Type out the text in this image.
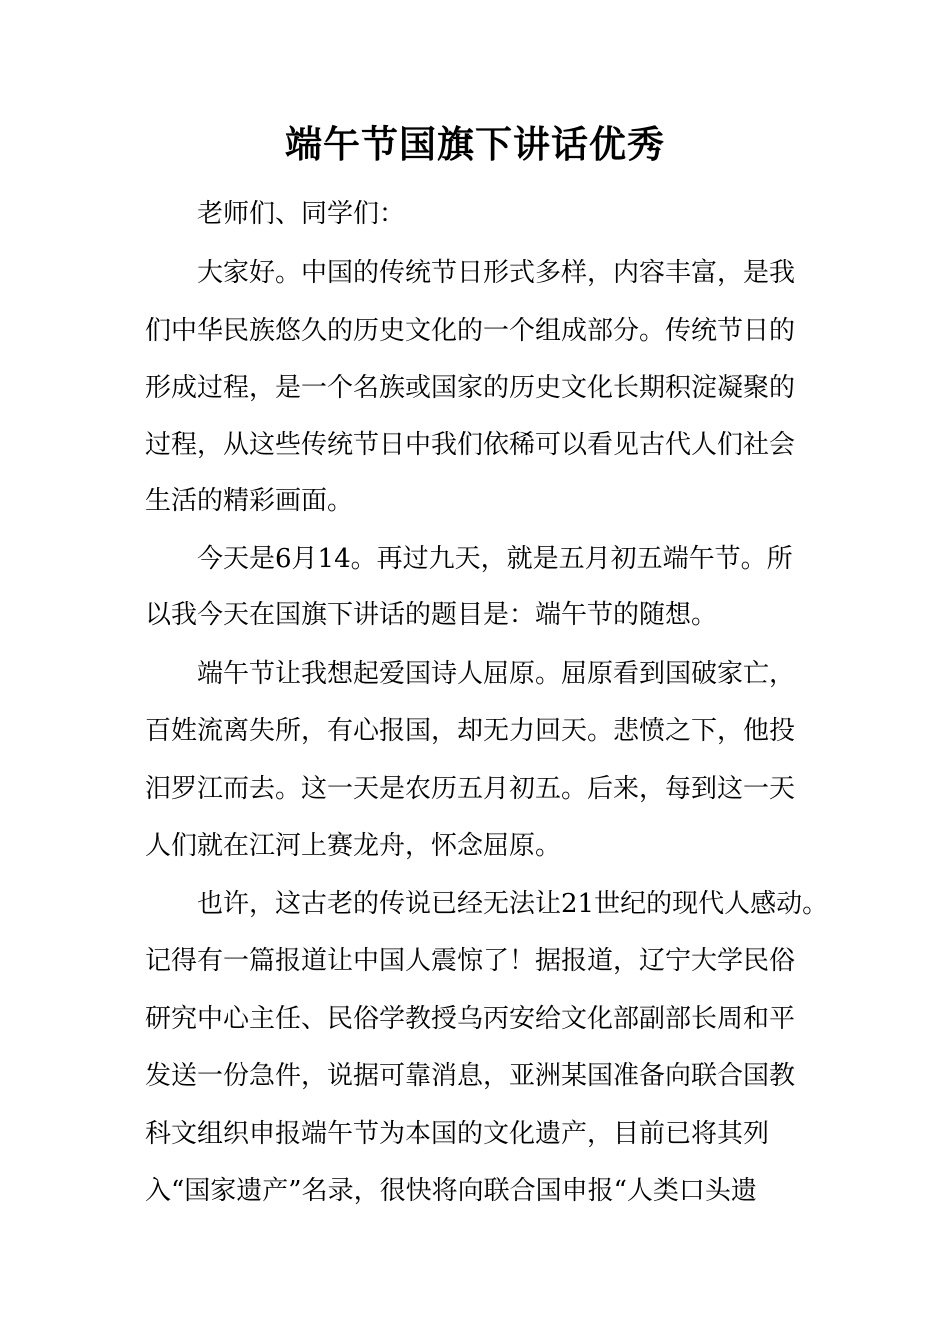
端午节国旗下讲话优秀

老师们、同学们：

大家好。中国的传统节日形式多样，内容丰富，是我

们中华民族悠久的历史文化的一个组成部分。传统节日的

形成过程，是一个名族或国家的历史文化长期积淀凝聚的

过程，从这些传统节日中我们依稀可以看见古代人们社会

生活的精彩画面。

今天是6月14。再过九天，就是五月初五端午节。所

以我今天在国旗下讲话的题目是：端午节的随想。

端午节让我想起爱国诗人屈原。屈原看到国破家亡，

百姓流离失所，有心报国，却无力回天。悲愤之下，他投

汨罗江而去。这一天是农历五月初五。后来，每到这一天

人们就在江河上赛龙舟，怀念屈原。

也许，这古老的传说已经无法让21世纪的现代人感动。

记得有一篇报道让中国人震惊了！据报道，辽宁大学民俗

研究中心主任、民俗学教授乌丙安给文化部副部长周和平

发送一份急件，说据可靠消息，亚洲某国准备向联合国教

科文组织申报端午节为本国的文化遗产，目前已将其列

入“国家遗产”名录，很快将向联合国申报“人类口头遗
